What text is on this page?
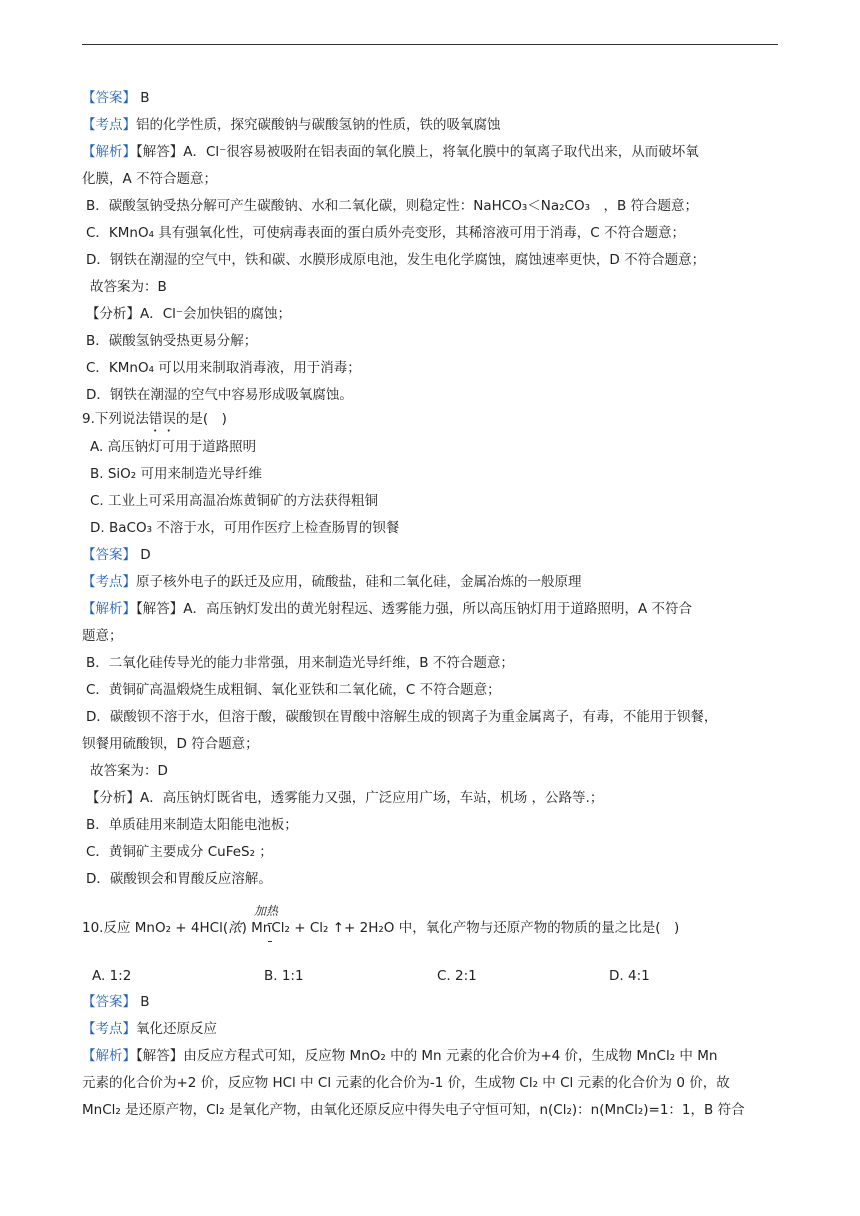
【答案】 B
【考点】铝的化学性质，探究碳酸钠与碳酸氢钠的性质，铁的吸氧腐蚀
【解析】【解答】A．Cl⁻很容易被吸附在铝表面的氧化膜上，将氧化膜中的氧离子取代出来，从而破坏氧
化膜，A 不符合题意；
B．碳酸氢钠受热分解可产生碳酸钠、水和二氧化碳，则稳定性：NaHCO₃＜Na₂CO₃　，B 符合题意；
C．KMnO₄ 具有强氧化性，可使病毒表面的蛋白质外壳变形，其稀溶液可用于消毒，C 不符合题意；
D．钢铁在潮湿的空气中，铁和碳、水膜形成原电池，发生电化学腐蚀，腐蚀速率更快，D 不符合题意；
故答案为：B
【分析】A．Cl⁻会加快铝的腐蚀；
B．碳酸氢钠受热更易分解；
C．KMnO₄ 可以用来制取消毒液，用于消毒；
D．钢铁在潮湿的空气中容易形成吸氧腐蚀。
9.下列说法错误的是(　)
A. 高压钠灯可用于道路照明
B. SiO₂ 可用来制造光导纤维
C. 工业上可采用高温冶炼黄铜矿的方法获得粗铜
D. BaCO₃ 不溶于水，可用作医疗上检查肠胃的钡餐
【答案】 D
【考点】原子核外电子的跃迁及应用，硫酸盐，硅和二氧化硅，金属冶炼的一般原理
【解析】【解答】A．高压钠灯发出的黄光射程远、透雾能力强，所以高压钠灯用于道路照明，A 不符合
题意；
B．二氧化硅传导光的能力非常强，用来制造光导纤维，B 不符合题意；
C．黄铜矿高温煅烧生成粗铜、氧化亚铁和二氧化硫，C 不符合题意；
D．碳酸钡不溶于水，但溶于酸，碳酸钡在胃酸中溶解生成的钡离子为重金属离子，有毒，不能用于钡餐，
钡餐用硫酸钡，D 符合题意；
故答案为：D
【分析】A．高压钠灯既省电，透雾能力又强，广泛应用广场，车站，机场 ，公路等.；
B．单质硅用来制造太阳能电池板；
C．黄铜矿主要成分 CuFeS₂ ；
D．碳酸钡会和胃酸反应溶解。
加热
10.反应 MnO₂ + 4HCl(浓) MnCl₂ + Cl₂ ↑+ 2H₂O 中，氧化产物与还原产物的物质的量之比是(　)
A. 1:2	B. 1:1	C. 2:1	D. 4:1
【答案】 B
【考点】氧化还原反应
【解析】【解答】由反应方程式可知，反应物 MnO₂ 中的 Mn 元素的化合价为+4 价，生成物 MnCl₂ 中 Mn
元素的化合价为+2 价，反应物 HCl 中 Cl 元素的化合价为-1 价，生成物 Cl₂ 中 Cl 元素的化合价为 0 价，故
MnCl₂ 是还原产物，Cl₂ 是氧化产物，由氧化还原反应中得失电子守恒可知，n(Cl₂)：n(MnCl₂)=1：1，B 符合
